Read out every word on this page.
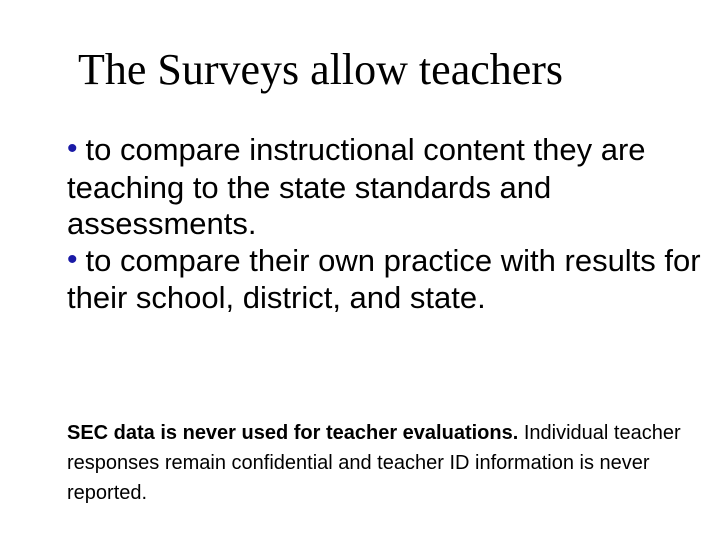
The Surveys allow teachers
• to compare instructional content they are teaching to the state standards and assessments.
• to compare their own practice with results for their school, district, and state.

SEC data is never used for teacher evaluations. Individual teacher responses remain confidential and teacher ID information is never reported.
